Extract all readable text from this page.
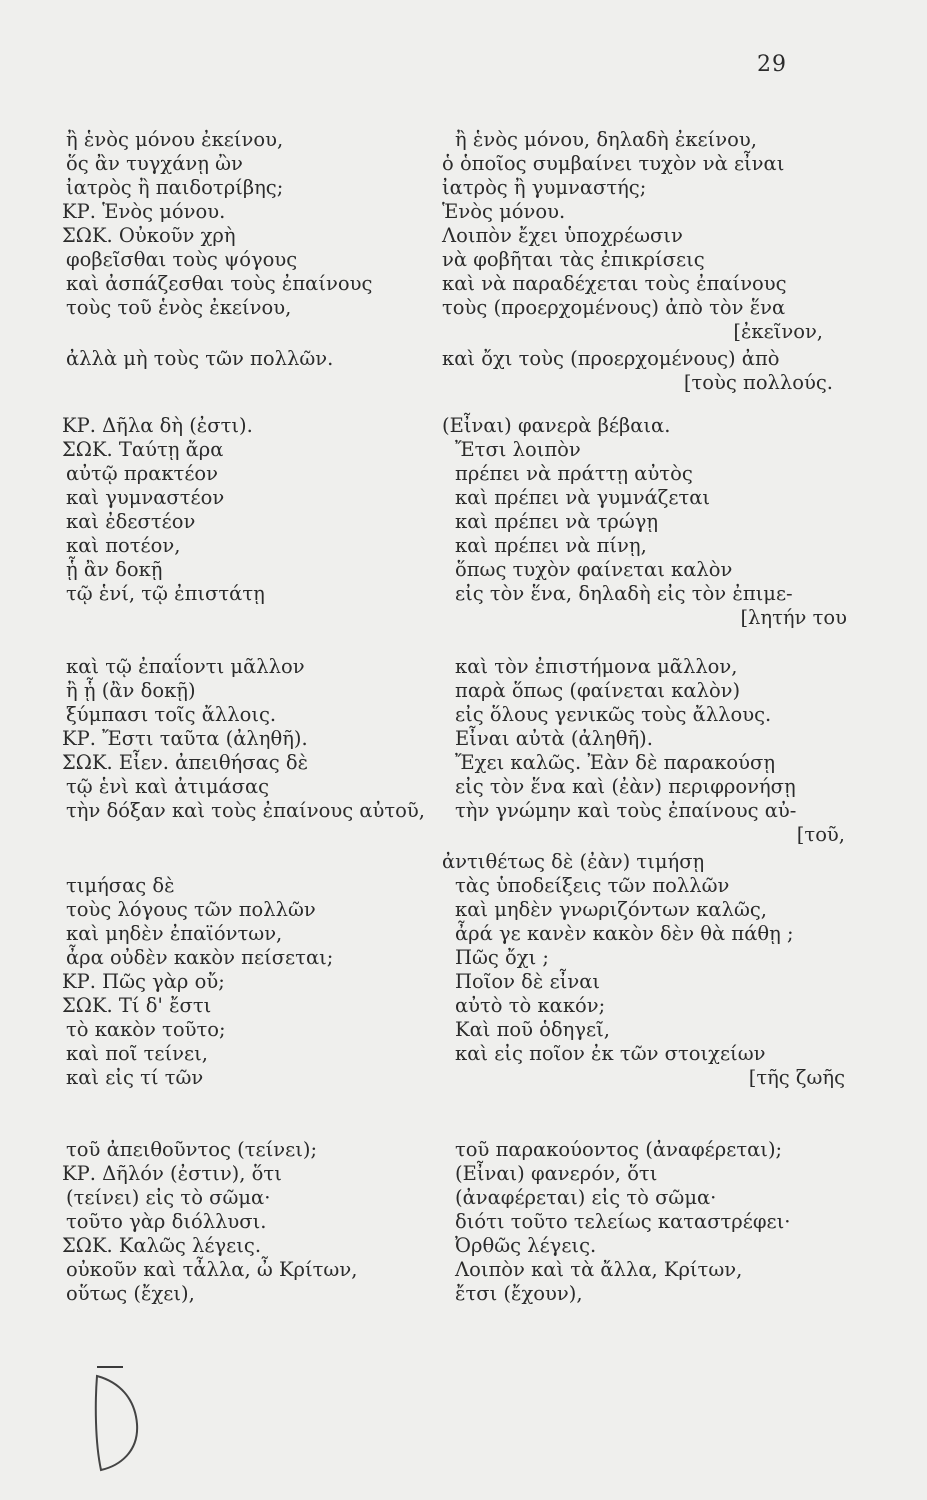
29
ἢ ἑνὸς μόνου ἐκείνου,
ὅς ἂν τυγχάνῃ ὢν
ἰατρὸς ἢ παιδοτρίβης;
ΚΡ. Ἑνὸς μόνου.
ΣΩΚ. Οὐκοῦν χρὴ
φοβεῖσθαι τοὺς ψόγους
καὶ ἀσπάζεσθαι τοὺς ἐπαίνους
τοὺς τοῦ ἑνὸς ἐκείνου,
ἀλλὰ μὴ τοὺς τῶν πολλῶν.
ΚΡ. Δῆλα δὴ (ἐστι).
ΣΩΚ. Ταύτῃ ἄρα
αὐτῷ πρακτέον
καὶ γυμναστέον
καὶ ἐδεστέον
καὶ ποτέον,
ᾗ ἂν δοκῇ
τῷ ἑνί, τῷ ἐπιστάτῃ
καὶ τῷ ἐπαΐοντι μᾶλλον
ἢ ᾗ (ἂν δοκῇ)
ξύμπασι τοῖς ἄλλοις.
ΚΡ. Ἔστι ταῦτα (ἀληθῆ).
ΣΩΚ. Εἶεν. ἀπειθήσας δὲ
τῷ ἑνὶ καὶ ἀτιμάσας
τὴν δόξαν καὶ τοὺς ἐπαίνους αὐτοῦ,
τιμήσας δὲ
τοὺς λόγους τῶν πολλῶν
καὶ μηδὲν ἐπαϊόντων,
ἆρα οὐδὲν κακὸν πείσεται;
ΚΡ. Πῶς γὰρ οὔ;
ΣΩΚ. Τί δ' ἔστι
τὸ κακὸν τοῦτο;
καὶ ποῖ τείνει,
καὶ εἰς τί τῶν
τοῦ ἀπειθοῦντος (τείνει);
ΚΡ. Δῆλόν (ἐστιν), ὅτι
(τείνει) εἰς τὸ σῶμα·
τοῦτο γὰρ διόλλυσι.
ΣΩΚ. Καλῶς λέγεις.
οὐκοῦν καὶ τἆλλα, ὦ Κρίτων,
οὕτως (ἔχει),
ἢ ἑνὸς μόνου, δηλαδὴ ἐκείνου,
ὁ ὁποῖος συμβαίνει τυχὸν νὰ εἶναι
ἰατρὸς ἢ γυμναστής;
Ἑνὸς μόνου.
Λοιπὸν ἔχει ὑποχρέωσιν
νὰ φοβῆται τὰς ἐπικρίσεις
καὶ νὰ παραδέχεται τοὺς ἐπαίνους
τοὺς (προερχομένους) ἀπὸ τὸν ἕνα
[ἐκεῖνον,
καὶ ὄχι τοὺς (προερχομένους) ἀπὸ
[τοὺς πολλούς.
(Εἶναι) φανερὰ βέβαια.
Ἔτσι λοιπὸν
πρέπει νὰ πράττῃ αὐτὸς
καὶ πρέπει νὰ γυμνάζεται
καὶ πρέπει νὰ τρώγῃ
καὶ πρέπει νὰ πίνῃ,
ὅπως τυχὸν φαίνεται καλὸν
εἰς τὸν ἕνα, δηλαδὴ εἰς τὸν ἐπιμε-
[λητήν του
καὶ τὸν ἐπιστήμονα μᾶλλον,
παρὰ ὅπως (φαίνεται καλὸν)
εἰς ὅλους γενικῶς τοὺς ἄλλους.
Εἶναι αὐτὰ (ἀληθῆ).
Ἔχει καλῶς. Ἐὰν δὲ παρακούσῃ
εἰς τὸν ἕνα καὶ (ἐὰν) περιφρονήσῃ
τὴν γνώμην καὶ τοὺς ἐπαίνους αὐ-
[τοῦ,
ἀντιθέτως δὲ (ἐὰν) τιμήσῃ
τὰς ὑποδείξεις τῶν πολλῶν
καὶ μηδὲν γνωριζόντων καλῶς,
ἆρά γε κανὲν κακὸν δὲν θὰ πάθῃ ;
Πῶς ὄχι ;
Ποῖον δὲ εἶναι
αὐτὸ τὸ κακόν;
Καὶ ποῦ ὁδηγεῖ,
καὶ εἰς ποῖον ἐκ τῶν στοιχείων
[τῆς ζωῆς
τοῦ παρακούοντος (ἀναφέρεται);
(Εἶναι) φανερόν, ὅτι
(ἀναφέρεται) εἰς τὸ σῶμα·
διότι τοῦτο τελείως καταστρέφει·
Ὀρθῶς λέγεις.
Λοιπὸν καὶ τὰ ἄλλα, Κρίτων,
ἔτσι (ἔχουν),
